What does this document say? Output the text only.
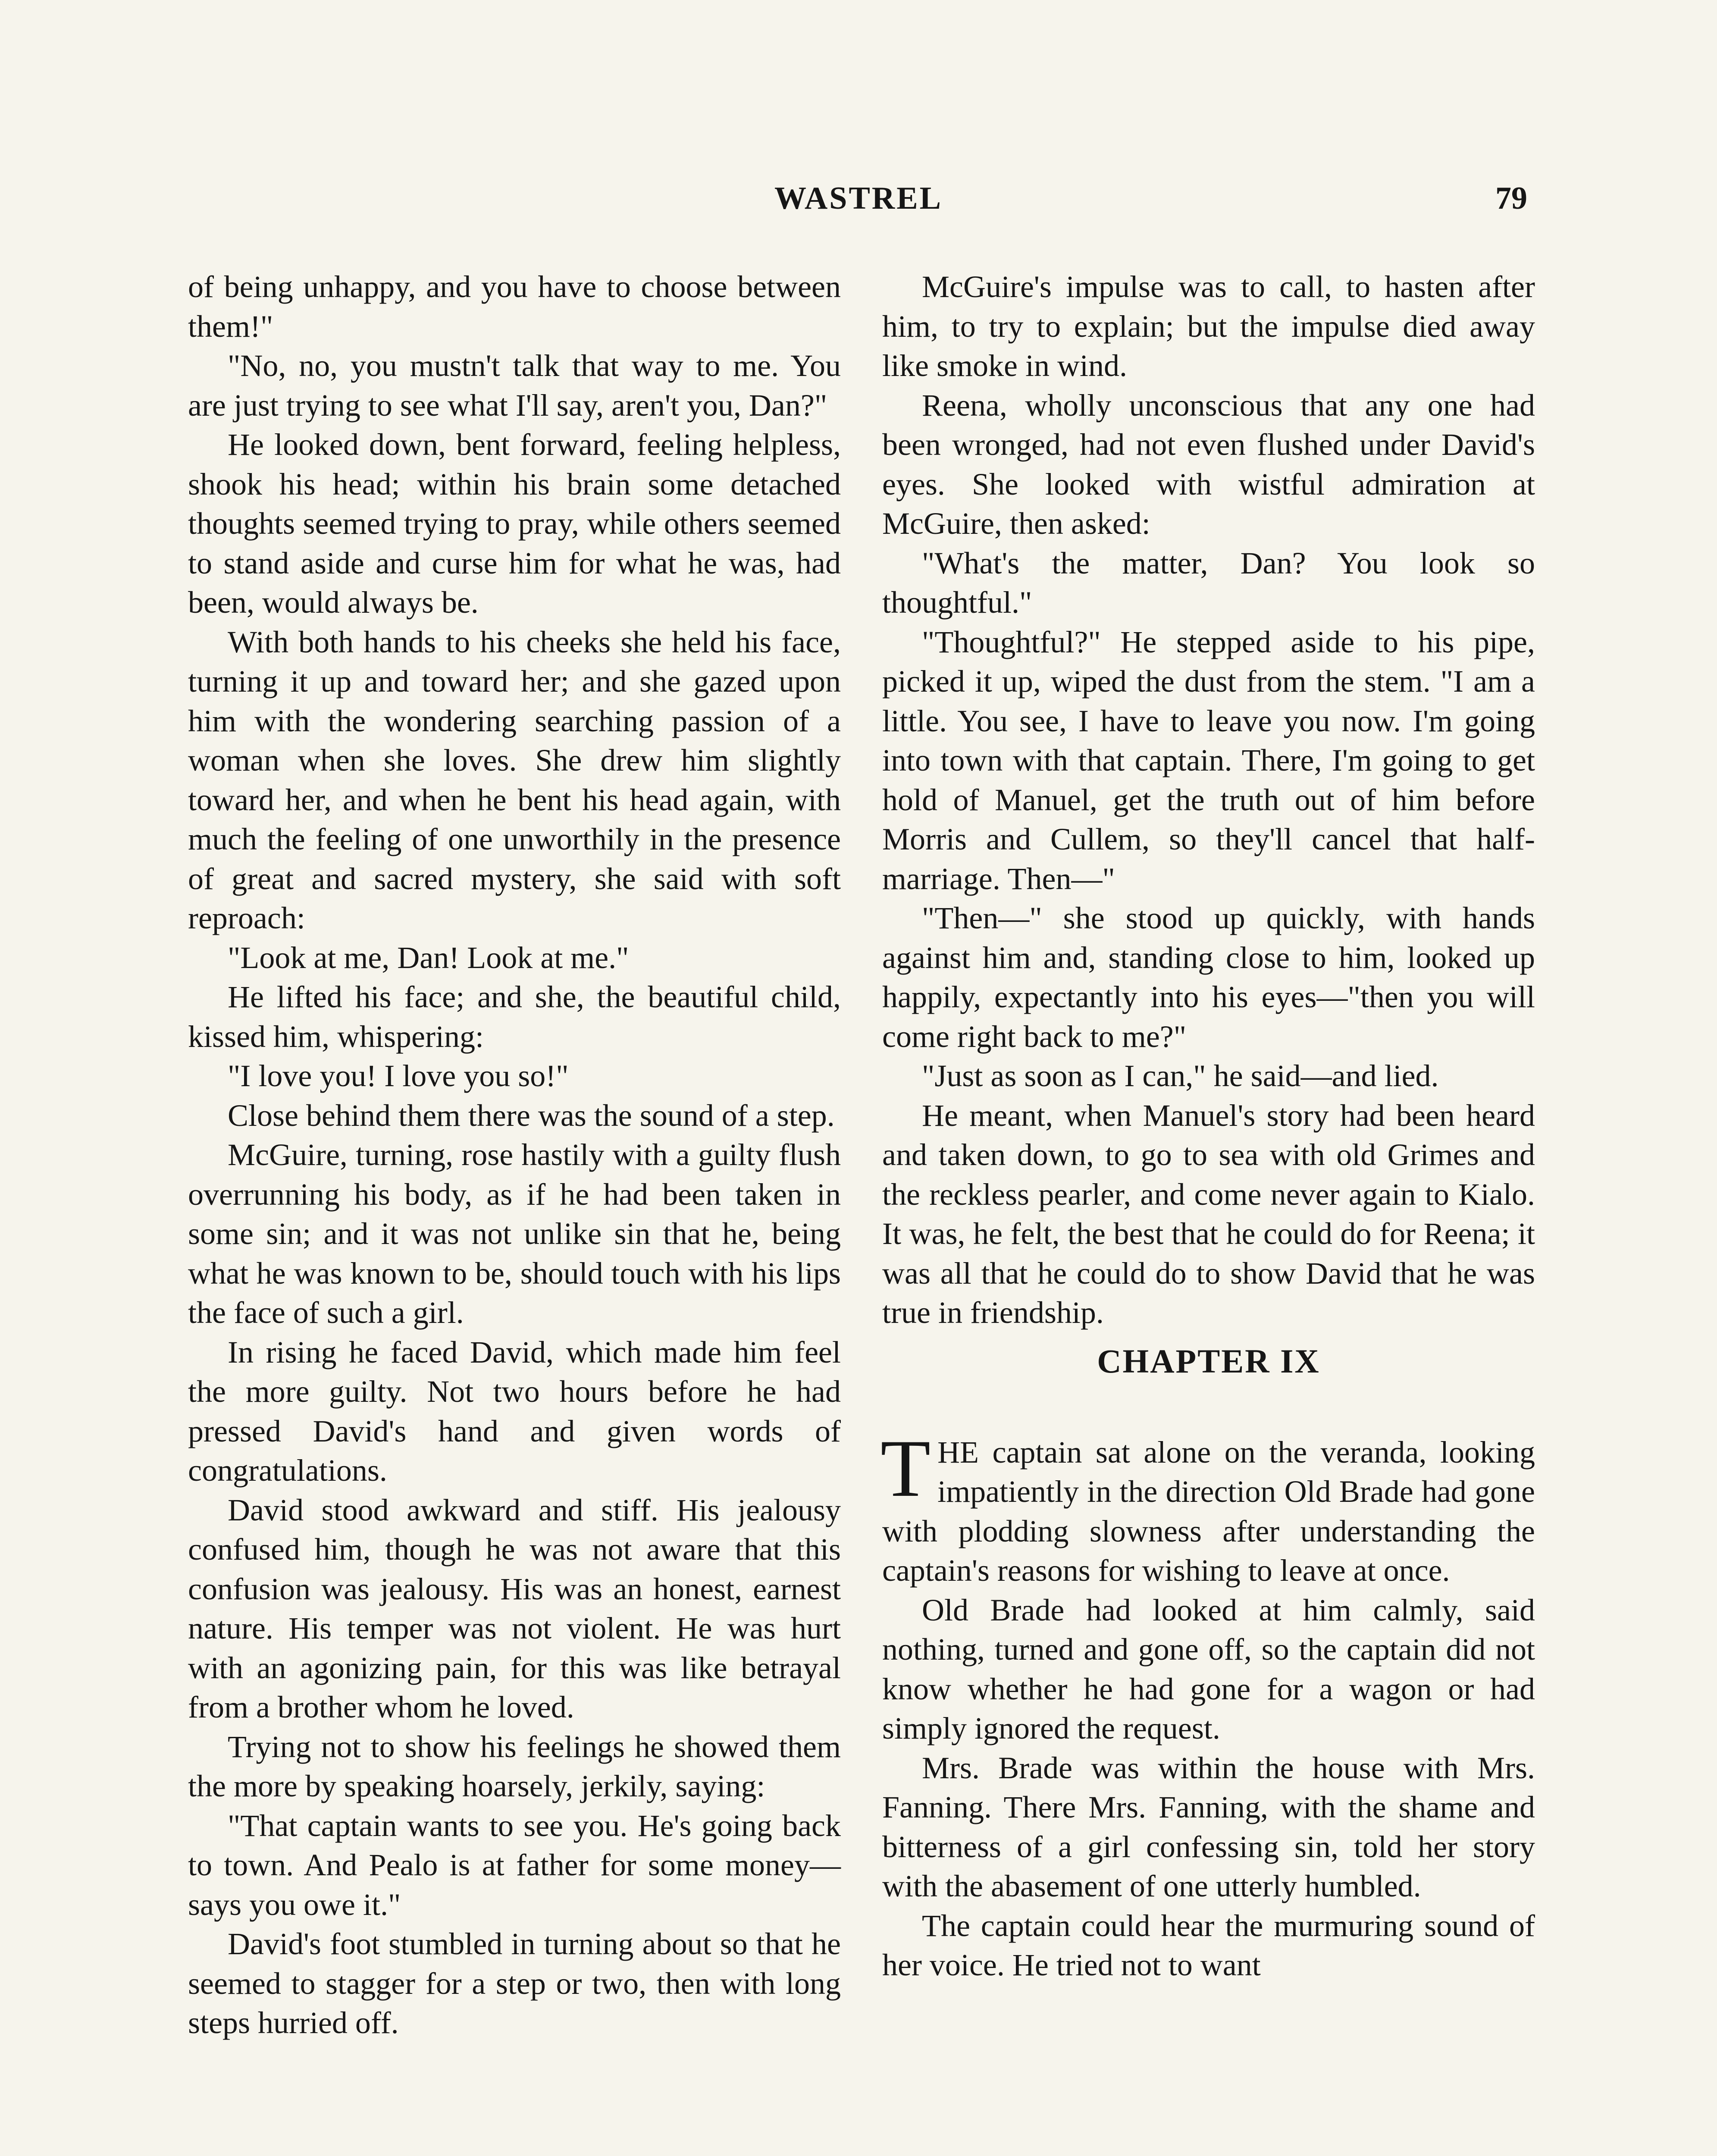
WASTREL	79

of being unhappy, and you have to choose between them!"

"No, no, you mustn't talk that way to me. You are just trying to see what I'll say, aren't you, Dan?"

He looked down, bent forward, feeling helpless, shook his head; within his brain some detached thoughts seemed trying to pray, while others seemed to stand aside and curse him for what he was, had been, would always be.

With both hands to his cheeks she held his face, turning it up and toward her; and she gazed upon him with the wondering searching passion of a woman when she loves. She drew him slightly toward her, and when he bent his head again, with much the feeling of one unworthily in the presence of great and sacred mystery, she said with soft reproach:

"Look at me, Dan! Look at me."

He lifted his face; and she, the beautiful child, kissed him, whispering:

"I love you! I love you so!"

Close behind them there was the sound of a step.

McGuire, turning, rose hastily with a guilty flush overrunning his body, as if he had been taken in some sin; and it was not unlike sin that he, being what he was known to be, should touch with his lips the face of such a girl.

In rising he faced David, which made him feel the more guilty. Not two hours before he had pressed David's hand and given words of congratulations.

David stood awkward and stiff. His jealousy confused him, though he was not aware that this confusion was jealousy. His was an honest, earnest nature. His temper was not violent. He was hurt with an agonizing pain, for this was like betrayal from a brother whom he loved.

Trying not to show his feelings he showed them the more by speaking hoarsely, jerkily, saying:

"That captain wants to see you. He's going back to town. And Pealo is at father for some money—says you owe it."

David's foot stumbled in turning about so that he seemed to stagger for a step or two, then with long steps hurried off.

McGuire's impulse was to call, to hasten after him, to try to explain; but the impulse died away like smoke in wind.

Reena, wholly unconscious that any one had been wronged, had not even flushed under David's eyes. She looked with wistful admiration at McGuire, then asked:

"What's the matter, Dan? You look so thoughtful."

"Thoughtful?" He stepped aside to his pipe, picked it up, wiped the dust from the stem. "I am a little. You see, I have to leave you now. I'm going into town with that captain. There, I'm going to get hold of Manuel, get the truth out of him before Morris and Cullem, so they'll cancel that half-marriage. Then—"

"Then—" she stood up quickly, with hands against him and, standing close to him, looked up happily, expectantly into his eyes—"then you will come right back to me?"

"Just as soon as I can," he said—and lied.

He meant, when Manuel's story had been heard and taken down, to go to sea with old Grimes and the reckless pearler, and come never again to Kialo. It was, he felt, the best that he could do for Reena; it was all that he could do to show David that he was true in friendship.

CHAPTER IX

THE captain sat alone on the veranda, looking impatiently in the direction Old Brade had gone with plodding slowness after understanding the captain's reasons for wishing to leave at once.

Old Brade had looked at him calmly, said nothing, turned and gone off, so the captain did not know whether he had gone for a wagon or had simply ignored the request.

Mrs. Brade was within the house with Mrs. Fanning. There Mrs. Fanning, with the shame and bitterness of a girl confessing sin, told her story with the abasement of one utterly humbled.

The captain could hear the murmuring sound of her voice. He tried not to want
